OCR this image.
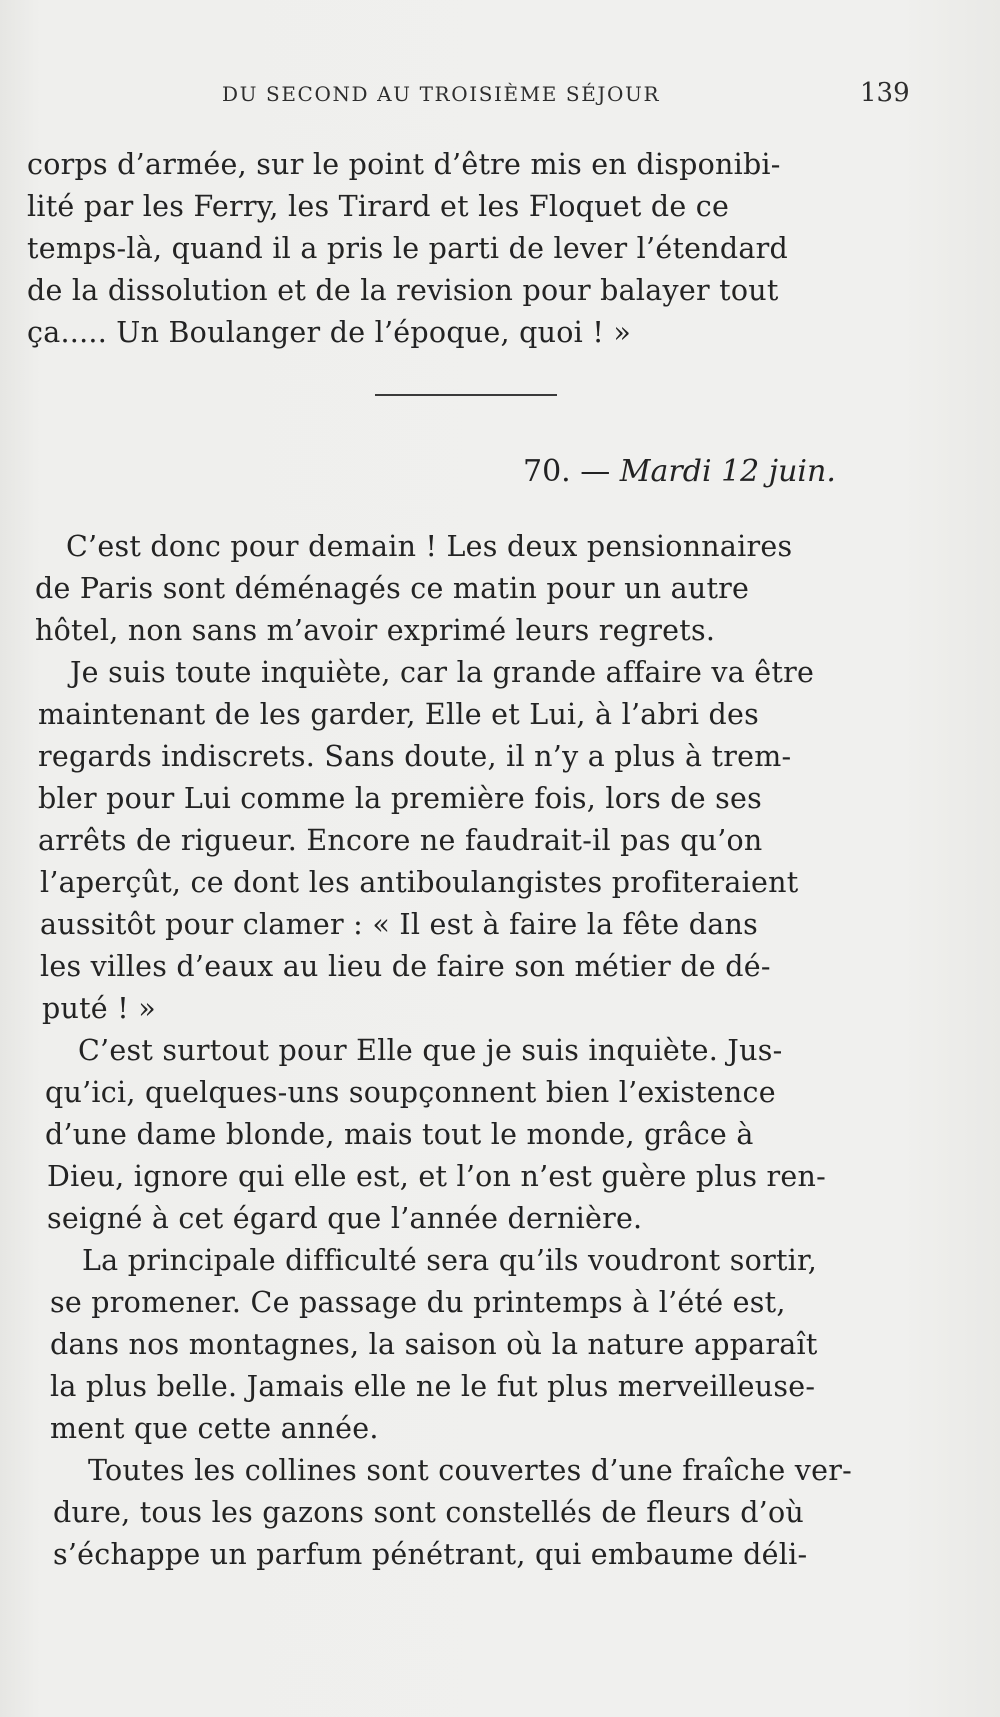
DU SECOND AU TROISIÈME SÉJOUR	139
corps d’armée, sur le point d’être mis en disponibi-
lité par les Ferry, les Tirard et les Floquet de ce
temps-là, quand il a pris le parti de lever l’étendard
de la dissolution et de la revision pour balayer tout
ça..... Un Boulanger de l’époque, quoi ! »
70. — Mardi 12 juin.
C’est donc pour demain ! Les deux pensionnaires
de Paris sont déménagés ce matin pour un autre
hôtel, non sans m’avoir exprimé leurs regrets.
Je suis toute inquiète, car la grande affaire va être
maintenant de les garder, Elle et Lui, à l’abri des
regards indiscrets. Sans doute, il n’y a plus à trem-
bler pour Lui comme la première fois, lors de ses
arrêts de rigueur. Encore ne faudrait-il pas qu’on
l’aperçût, ce dont les antiboulangistes profiteraient
aussitôt pour clamer : « Il est à faire la fête dans
les villes d’eaux au lieu de faire son métier de dé-
puté ! »
C’est surtout pour Elle que je suis inquiète. Jus-
qu’ici, quelques-uns soupçonnent bien l’existence
d’une dame blonde, mais tout le monde, grâce à
Dieu, ignore qui elle est, et l’on n’est guère plus ren-
seigné à cet égard que l’année dernière.
La principale difficulté sera qu’ils voudront sortir,
se promener. Ce passage du printemps à l’été est,
dans nos montagnes, la saison où la nature apparaît
la plus belle. Jamais elle ne le fut plus merveilleuse-
ment que cette année.
Toutes les collines sont couvertes d’une fraîche ver-
dure, tous les gazons sont constellés de fleurs d’où
s’échappe un parfum pénétrant, qui embaume déli-
